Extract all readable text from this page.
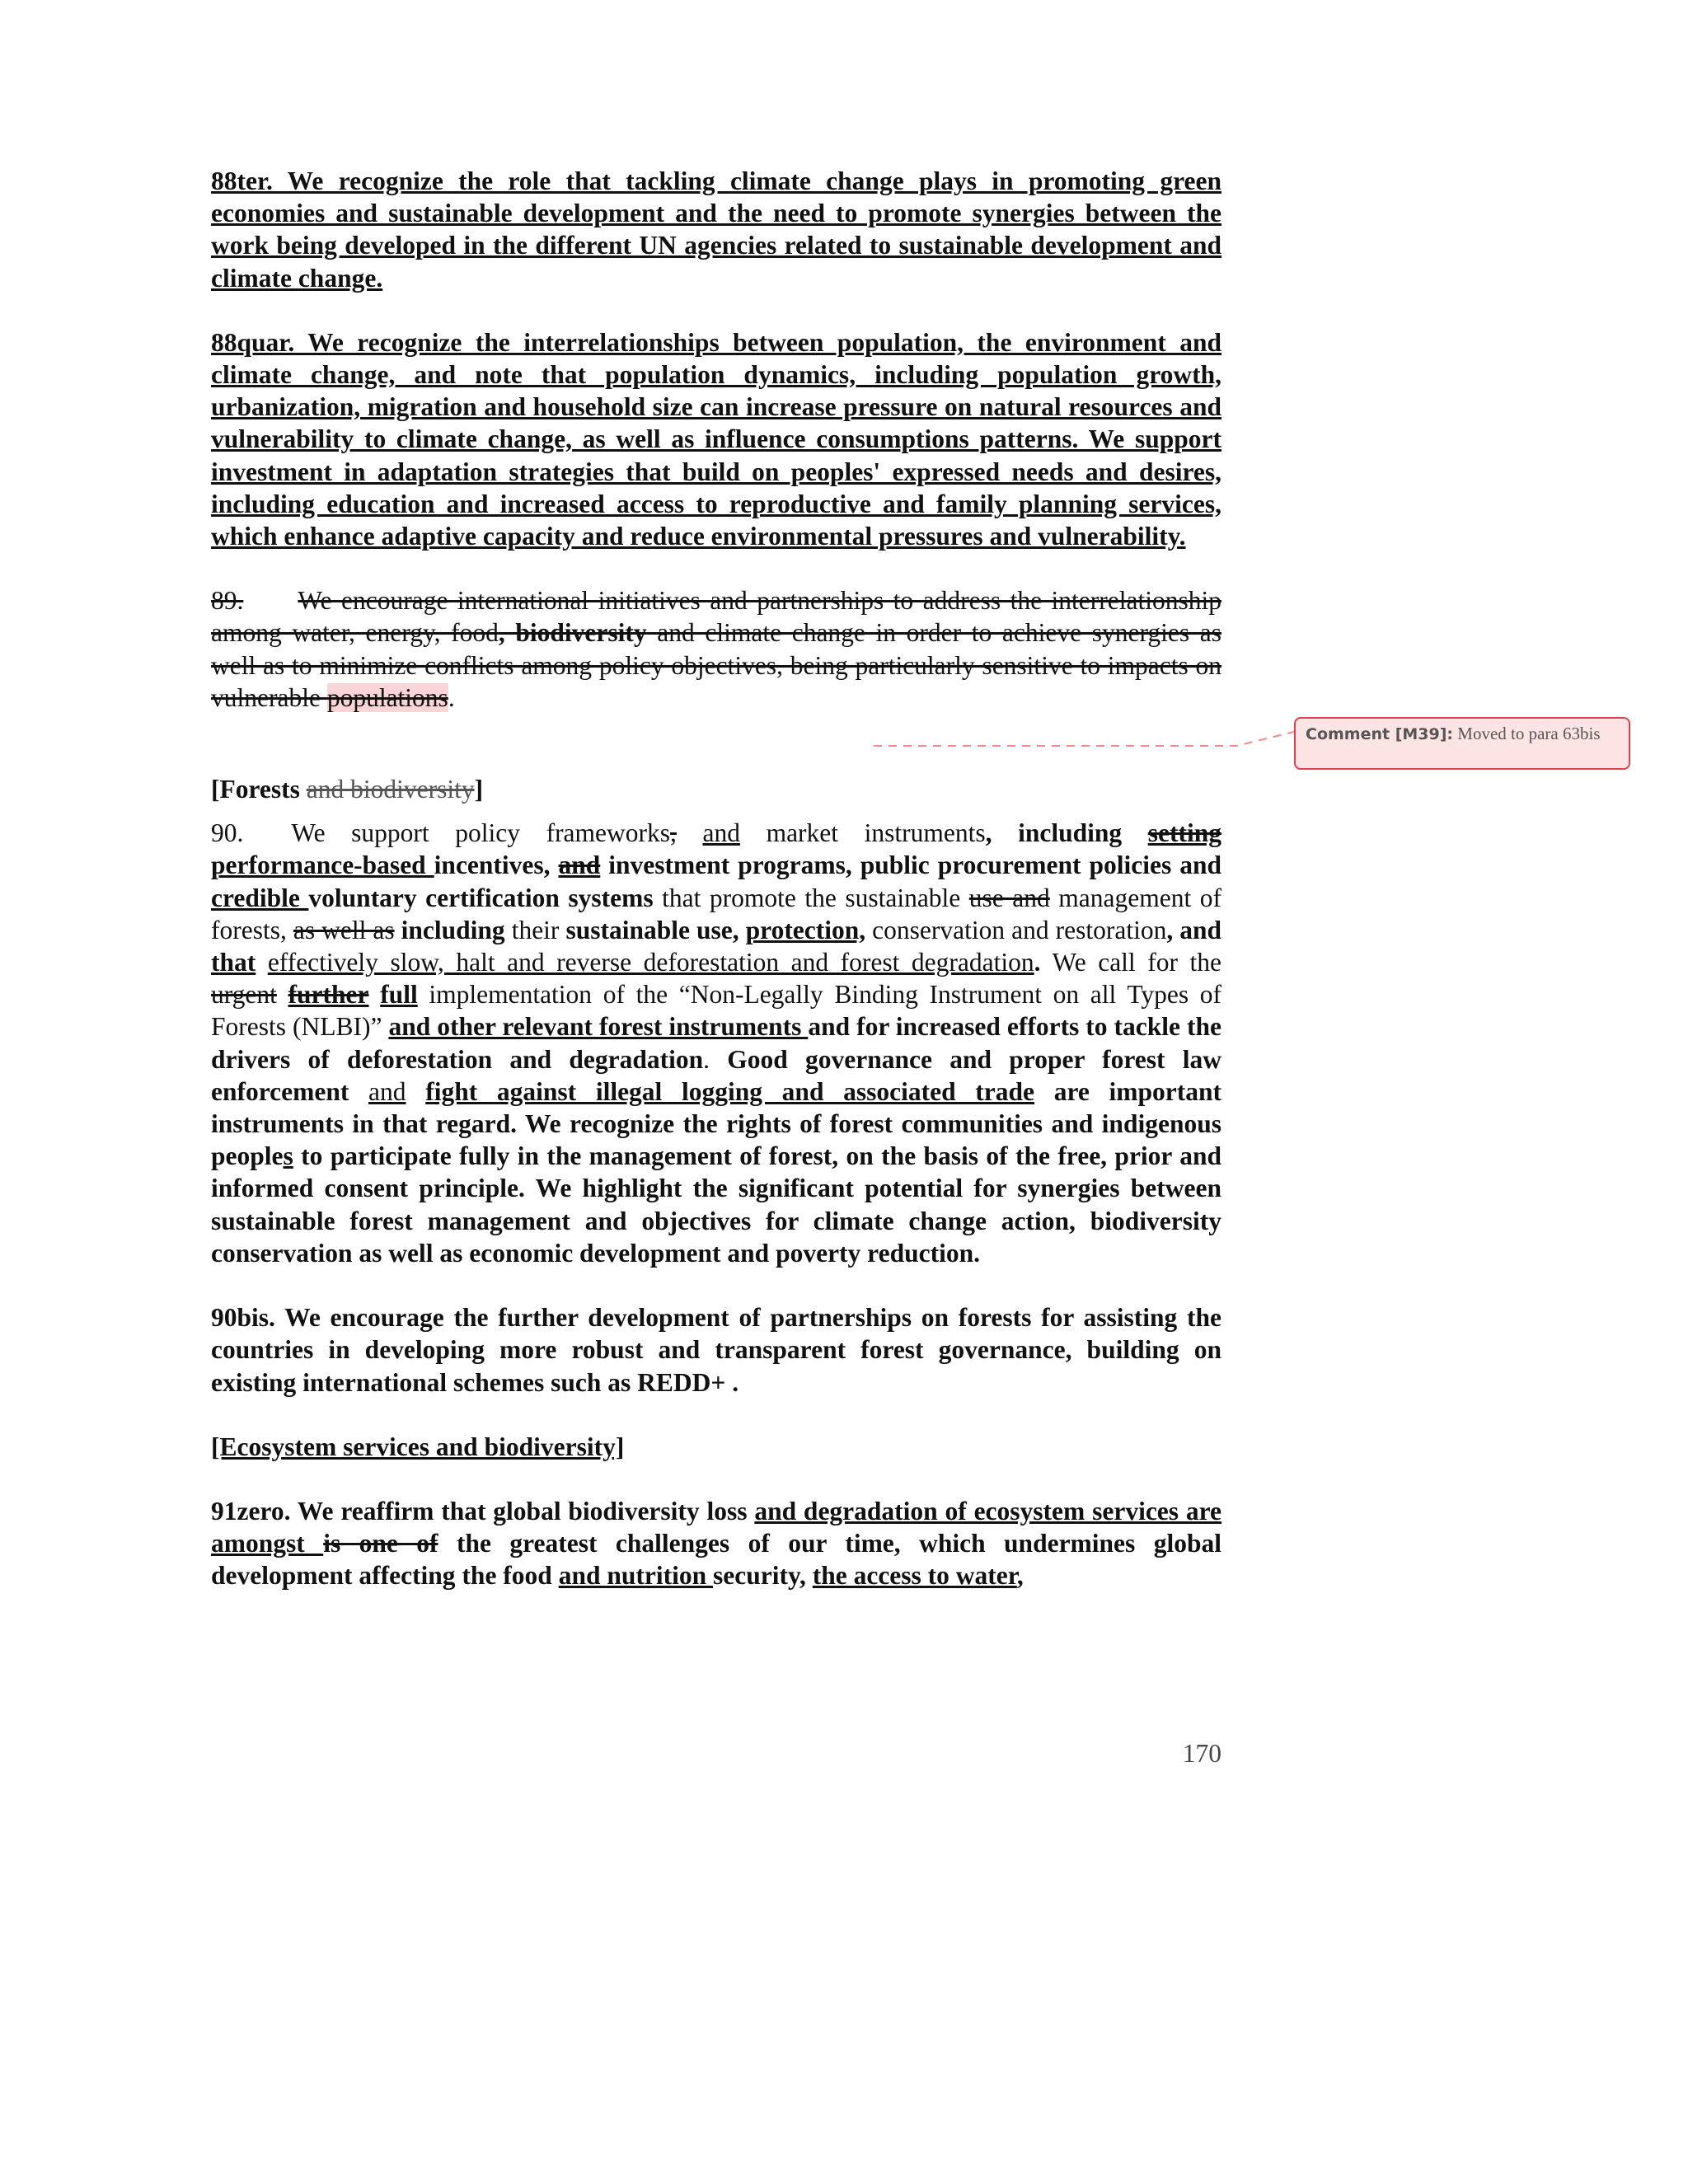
88ter. We recognize the role that tackling climate change plays in promoting green economies and sustainable development and the need to promote synergies between the work being developed in the different UN agencies related to sustainable development and climate change.

88quar. We recognize the interrelationships between population, the environment and climate change, and note that population dynamics, including population growth, urbanization, migration and household size can increase pressure on natural resources and vulnerability to climate change, as well as influence consumptions patterns. We support investment in adaptation strategies that build on peoples' expressed needs and desires, including education and increased access to reproductive and family planning services, which enhance adaptive capacity and reduce environmental pressures and vulnerability.

89. We encourage international initiatives and partnerships to address the interrelationship among water, energy, food, biodiversity and climate change in order to achieve synergies as well as to minimize conflicts among policy objectives, being particularly sensitive to impacts on vulnerable populations.

[Forests and biodiversity]

90. We support policy frameworks, and market instruments, including setting performance-based incentives, and investment programs, public procurement policies and credible voluntary certification systems that promote the sustainable use and management of forests, as well as including their sustainable use, protection, conservation and restoration, and that effectively slow, halt and reverse deforestation and forest degradation. We call for the urgent further full implementation of the “Non-Legally Binding Instrument on all Types of Forests (NLBI)” and other relevant forest instruments and for increased efforts to tackle the drivers of deforestation and degradation. Good governance and proper forest law enforcement and fight against illegal logging and associated trade are important instruments in that regard. We recognize the rights of forest communities and indigenous peoples to participate fully in the management of forest, on the basis of the free, prior and informed consent principle. We highlight the significant potential for synergies between sustainable forest management and objectives for climate change action, biodiversity conservation as well as economic development and poverty reduction.

90bis. We encourage the further development of partnerships on forests for assisting the countries in developing more robust and transparent forest governance, building on existing international schemes such as REDD+ .

[Ecosystem services and biodiversity]

91zero. We reaffirm that global biodiversity loss and degradation of ecosystem services are amongst is one of the greatest challenges of our time, which undermines global development affecting the food and nutrition security, the access to water,

Comment [M39]: Moved to para 63bis
170
